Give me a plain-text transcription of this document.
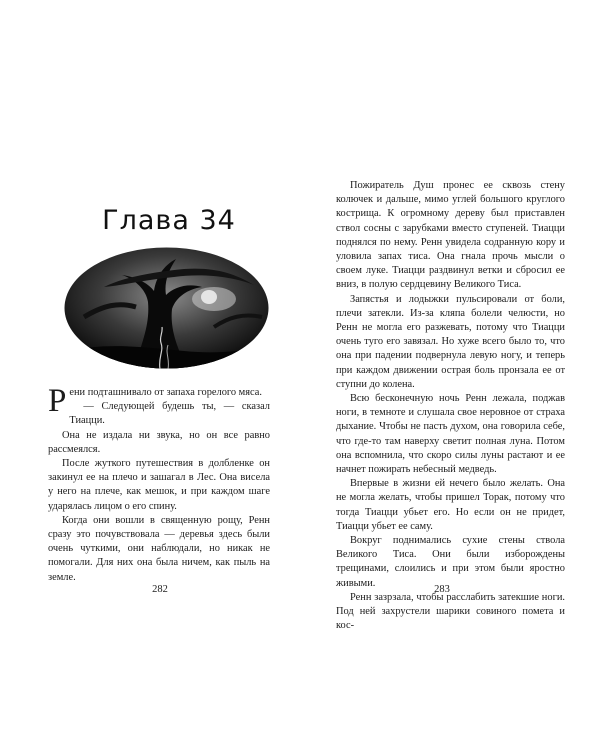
Глава 34

Рени подташнивало от запаха горелого мяса.

— Следующей будешь ты, — сказал Тиацци.

Она не издала ни звука, но он все равно рассмеялся.

После жуткого путешествия в долбленке он закинул ее на плечо и зашагал в Лес. Она висела у него на плече, как мешок, и при каждом шаге ударялась лицом о его спину.

Когда они вошли в священную рощу, Ренн сразу это почувствовала — деревья здесь были очень чуткими, они наблюдали, но никак не помогали. Для них она была ничем, как пыль на земле.

282

Пожиратель Душ пронес ее сквозь стену колючек и дальше, мимо углей большого круглого кострища. К огромному дереву был приставлен ствол сосны с зарубками вместо ступеней. Тиацци поднялся по нему. Ренн увидела содранную кору и уловила запах тиса. Она гнала прочь мысли о своем луке. Тиацци раздвинул ветки и сбросил ее вниз, в полую сердцевину Великого Тиса.

Запястья и лодыжки пульсировали от боли, плечи затекли. Из-за кляпа болели челюсти, но Ренн не могла его разжевать, потому что Тиацци очень туго его завязал. Но хуже всего было то, что она при падении подвернула левую ногу, и теперь при каждом движении острая боль пронзала ее от ступни до колена.

Всю бесконечную ночь Ренн лежала, поджав ноги, в темноте и слушала свое неровное от страха дыхание. Чтобы не пасть духом, она говорила себе, что где-то там наверху светит полная луна. Потом она вспомнила, что скоро силы луны растают и ее начнет пожирать небесный медведь.

Впервые в жизни ей нечего было желать. Она не могла желать, чтобы пришел Торак, потому что тогда Тиацци убьет его. Но если он не придет, Тиацци убьет ее саму.

Вокруг поднимались сухие стены ствола Великого Тиса. Они были изборождены трещинами, слоились и при этом были яростно живыми.

Ренн зазрзала, чтобы расслабить затекшие ноги. Под ней захрустели шарики совиного помета и кос-

283
